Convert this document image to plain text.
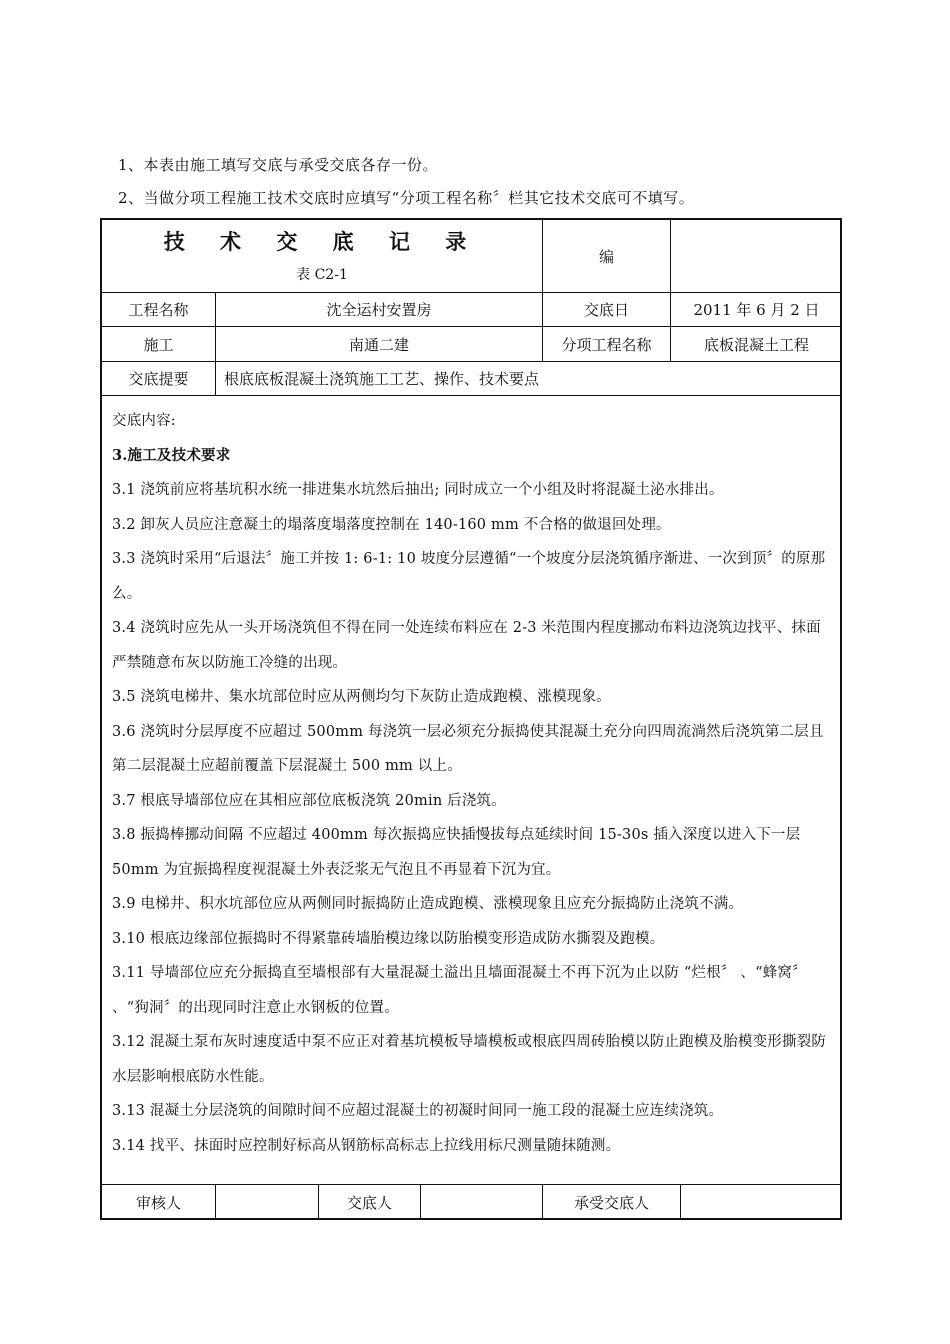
1、本表由施工填写交底与承受交底各存一份。
2、当做分项工程施工技术交底时应填写“分项工程名称〞栏其它技术交底可不填写。
技 术 交 底 记 录
表 C2-1
编
工程名称	沈全运村安置房	交底日	2011 年 6 月 2 日
施工	南通二建	分项工程名称	底板混凝土工程
交底提要	根底底板混凝土浇筑施工工艺、操作、技术要点

交底内容:

3.施工及技术要求

3.1 浇筑前应将基坑积水统一排进集水坑然后抽出; 同时成立一个小组及时将混凝土泌水排出。

3.2 卸灰人员应注意凝土的塌落度塌落度控制在 140-160 mm 不合格的做退回处理。

3.3 浇筑时采用“后退法〞施工并按 1: 6-1: 10 坡度分层遵循“一个坡度分层浇筑循序渐进、一次到顶〞的原那么。

3.4 浇筑时应先从一头开场浇筑但不得在同一处连续布料应在 2-3 米范围内程度挪动布料边浇筑边找平、抹面严禁随意布灰以防施工冷缝的出现。

3.5 浇筑电梯井、集水坑部位时应从两侧均匀下灰防止造成跑模、涨模现象。

3.6 浇筑时分层厚度不应超过 500mm 每浇筑一层必须充分振捣使其混凝土充分向四周流淌然后浇筑第二层且第二层混凝土应超前覆盖下层混凝土 500 mm 以上。

3.7 根底导墙部位应在其相应部位底板浇筑 20min 后浇筑。

3.8 振捣棒挪动间隔 不应超过 400mm 每次振捣应快插慢拔每点延续时间 15-30s 插入深度以进入下一层 50mm 为宜振捣程度视混凝土外表泛浆无气泡且不再显着下沉为宜。

3.9 电梯井、积水坑部位应从两侧同时振捣防止造成跑模、涨模现象且应充分振捣防止浇筑不满。

3.10 根底边缘部位振捣时不得紧靠砖墙胎模边缘以防胎模变形造成防水撕裂及跑模。

3.11 导墙部位应充分振捣直至墙根部有大量混凝土溢出且墙面混凝土不再下沉为止以防 “烂根〞 、“蜂窝〞 、“狗洞〞的出现同时注意止水钢板的位置。

3.12 混凝土泵布灰时速度适中泵不应正对着基坑模板导墙模板或根底四周砖胎模以防止跑模及胎模变形撕裂防水层影响根底防水性能。

3.13 混凝土分层浇筑的间隙时间不应超过混凝土的初凝时间同一施工段的混凝土应连续浇筑。

3.14 找平、抹面时应控制好标高从钢筋标高标志上拉线用标尺测量随抹随测。

审核人	交底人	承受交底人
